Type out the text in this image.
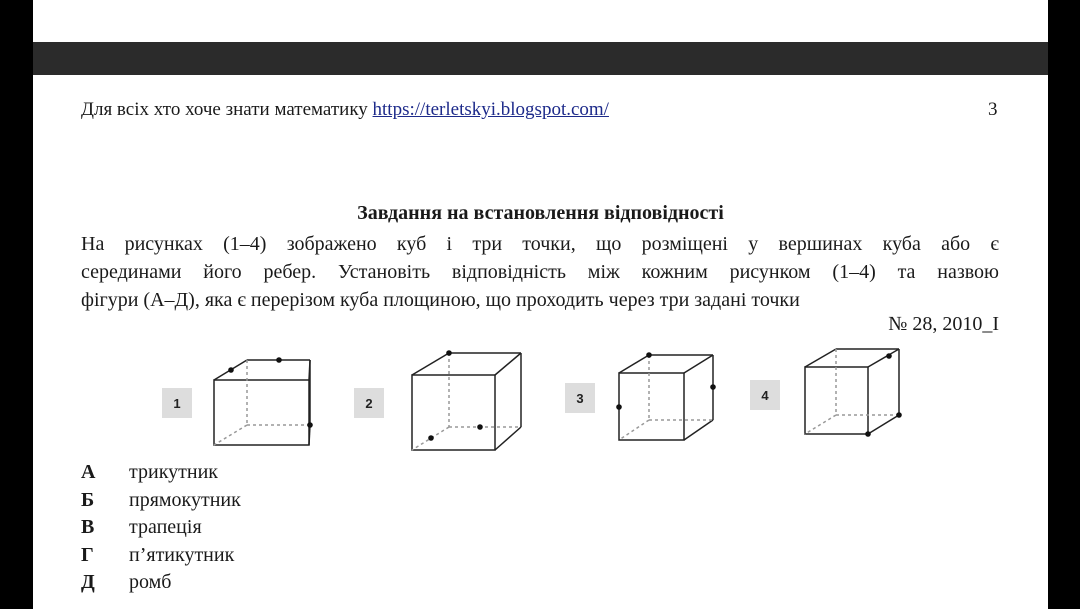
Для всіх хто хоче знати математику https://terletskyi.blogspot.com/	3
Завдання на встановлення відповідності
На рисунках (1–4) зображено куб і три точки, що розміщені у вершинах куба або є
серединами його ребер. Установіть відповідність між кожним рисунком (1–4) та назвою
фігури (А–Д), яка є перерізом куба площиною, що проходить через три задані точки
№ 28, 2010_I
1	2	3	4
А трикутник
Б прямокутник
В трапеція
Г п’ятикутник
Д ромб
